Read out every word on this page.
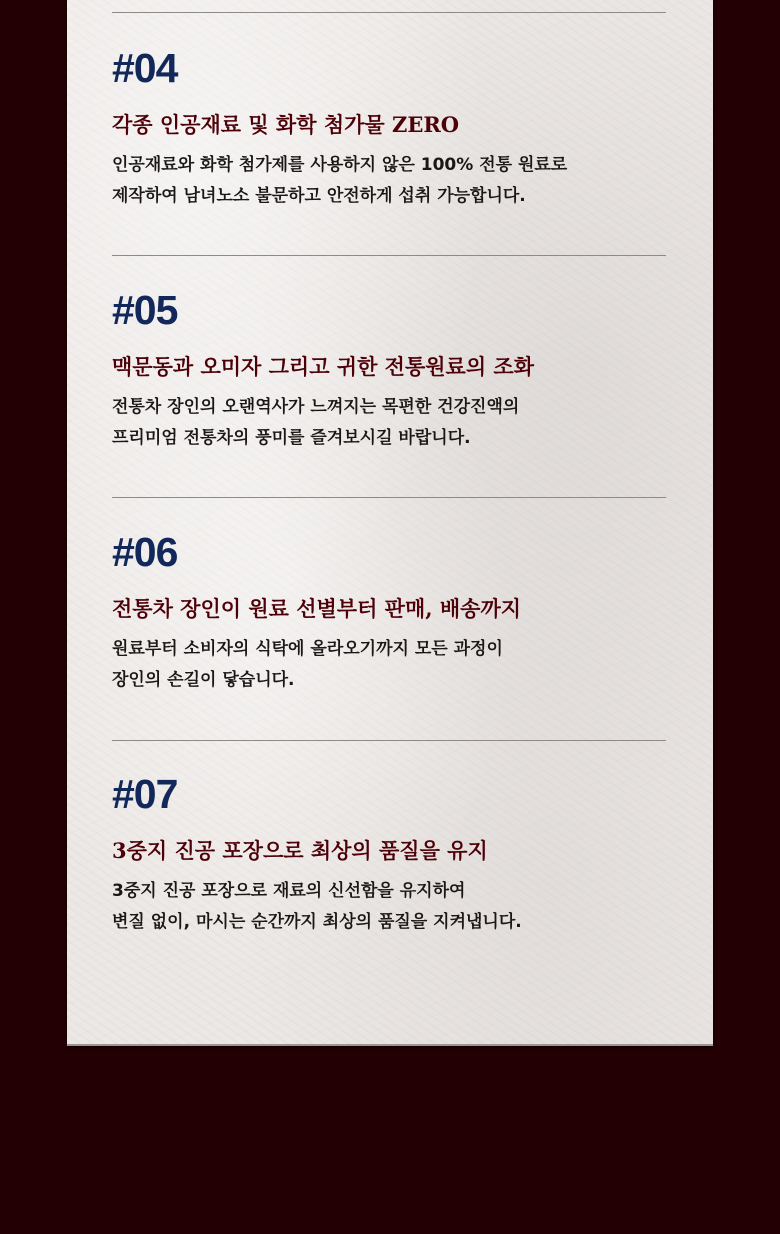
#04
각종 인공재료 및 화학 첨가물 ZERO
인공재료와 화학 첨가제를 사용하지 않은 100% 전통 원료로
제작하여 남녀노소 불문하고 안전하게 섭취 가능합니다.
#05
맥문동과 오미자 그리고 귀한 전통원료의 조화
전통차 장인의 오랜역사가 느껴지는 목편한 건강진액의
프리미엄 전통차의 풍미를 즐겨보시길 바랍니다.
#06
전통차 장인이 원료 선별부터 판매, 배송까지
원료부터 소비자의 식탁에 올라오기까지 모든 과정이
장인의 손길이 닿습니다.
#07
3중지 진공 포장으로 최상의 품질을 유지
3중지 진공 포장으로 재료의 신선함을 유지하여
변질 없이, 마시는 순간까지 최상의 품질을 지켜냅니다.
